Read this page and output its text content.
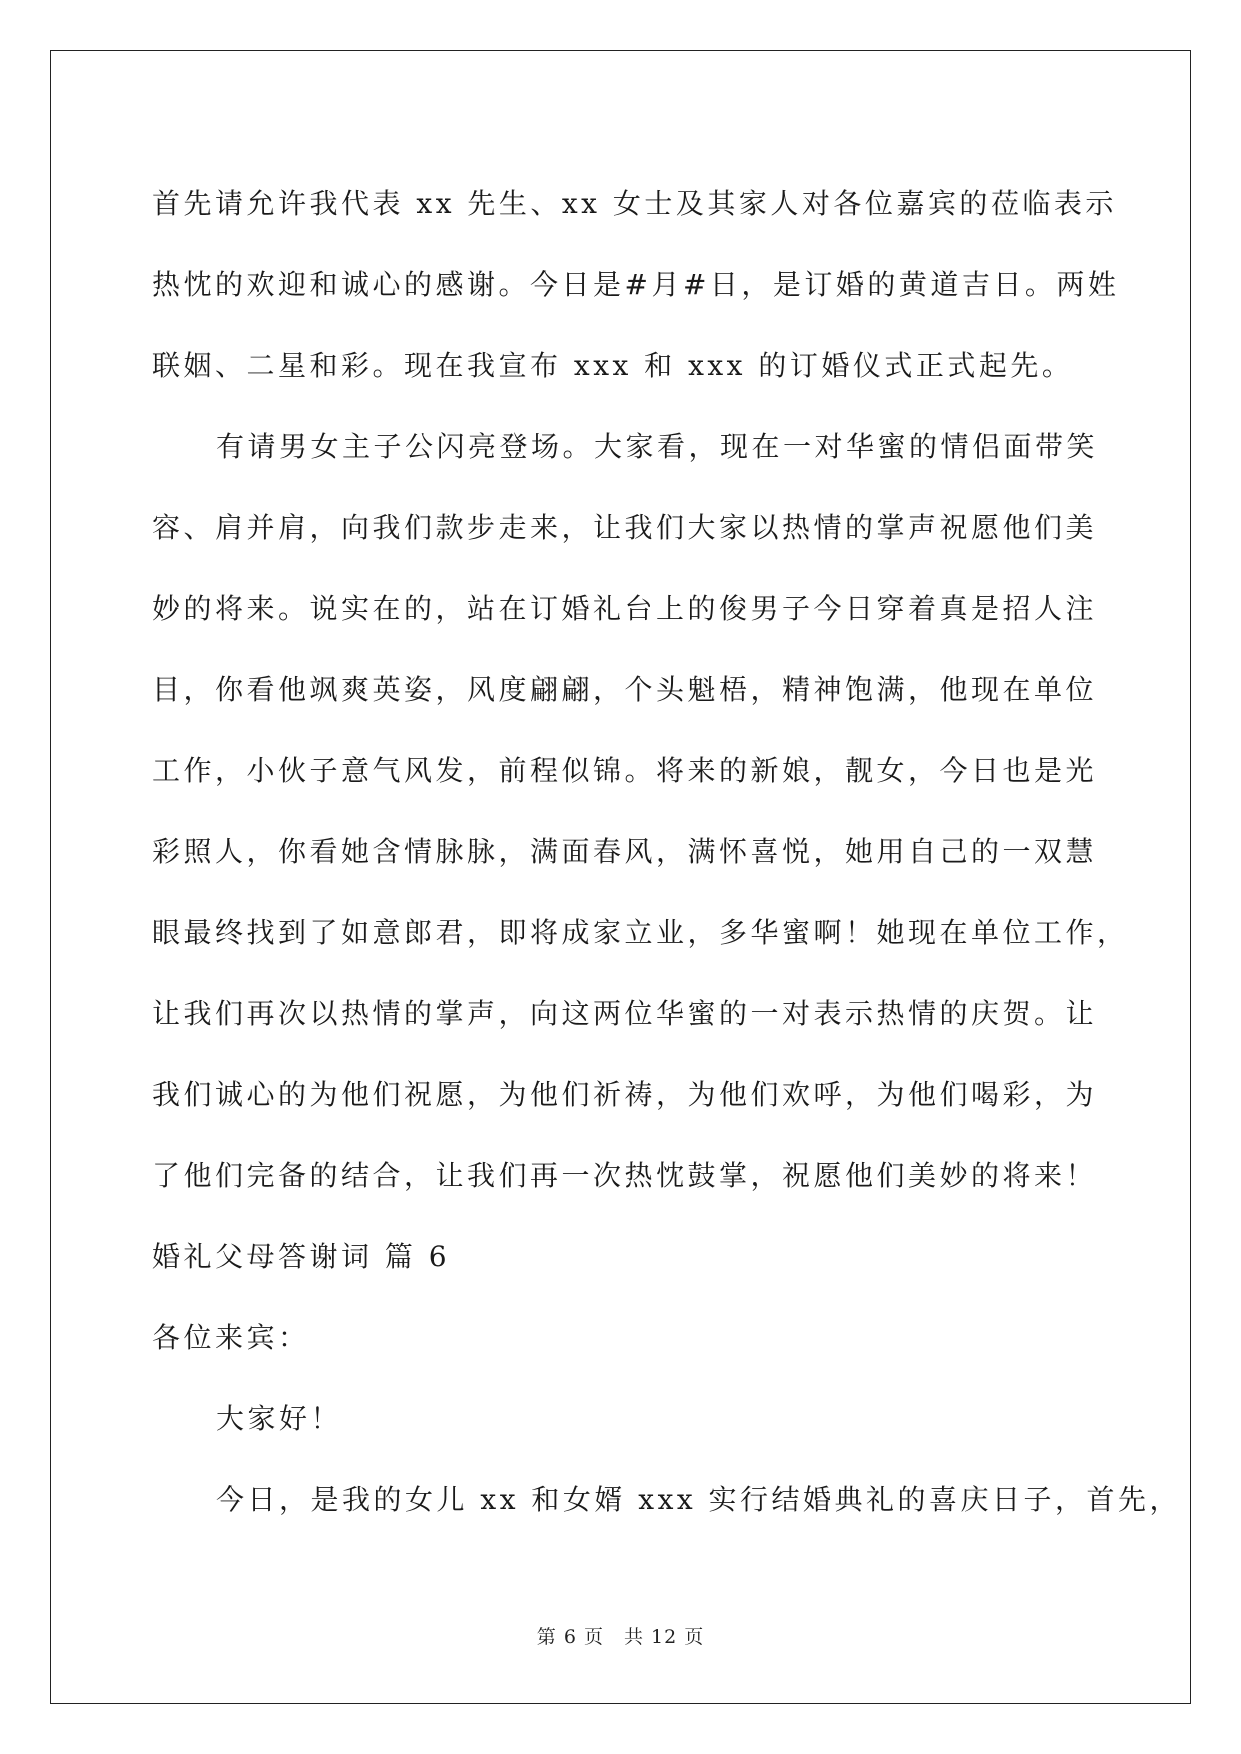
首先请允许我代表 xx 先生、xx 女士及其家人对各位嘉宾的莅临表示
热忱的欢迎和诚心的感谢。今日是#月#日，是订婚的黄道吉日。两姓
联姻、二星和彩。现在我宣布 xxx 和 xxx 的订婚仪式正式起先。
有请男女主子公闪亮登场。大家看，现在一对华蜜的情侣面带笑
容、肩并肩，向我们款步走来，让我们大家以热情的掌声祝愿他们美
妙的将来。说实在的，站在订婚礼台上的俊男子今日穿着真是招人注
目，你看他飒爽英姿，风度翩翩，个头魁梧，精神饱满，他现在单位
工作，小伙子意气风发，前程似锦。将来的新娘，靓女，今日也是光
彩照人，你看她含情脉脉，满面春风，满怀喜悦，她用自己的一双慧
眼最终找到了如意郎君，即将成家立业，多华蜜啊！她现在单位工作，
让我们再次以热情的掌声，向这两位华蜜的一对表示热情的庆贺。让
我们诚心的为他们祝愿，为他们祈祷，为他们欢呼，为他们喝彩，为
了他们完备的结合，让我们再一次热忱鼓掌，祝愿他们美妙的将来！
婚礼父母答谢词 篇 6
各位来宾：
大家好！
今日，是我的女儿 xx 和女婿 xxx 实行结婚典礼的喜庆日子，首先，
第 6 页　共 12 页
